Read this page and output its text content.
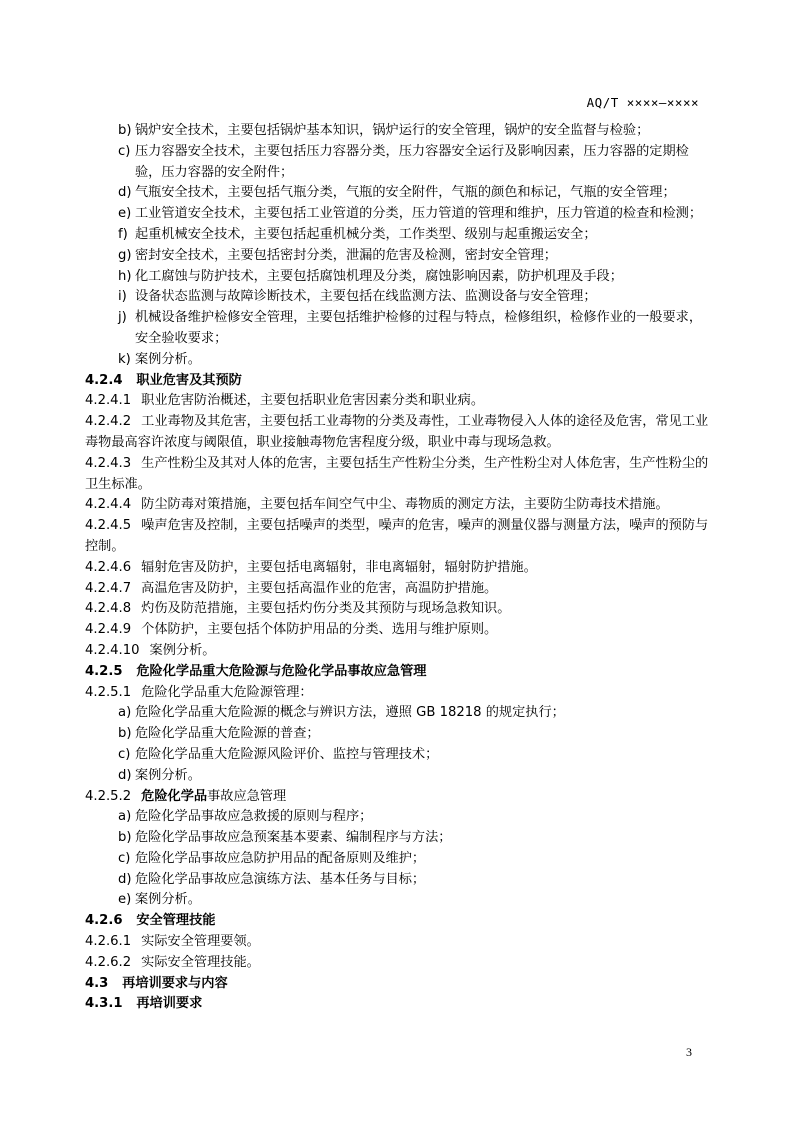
AQ/T ××××—××××
b) 锅炉安全技术，主要包括锅炉基本知识，锅炉运行的安全管理，锅炉的安全监督与检验；
c) 压力容器安全技术，主要包括压力容器分类，压力容器安全运行及影响因素，压力容器的定期检验，压力容器的安全附件；
d) 气瓶安全技术，主要包括气瓶分类，气瓶的安全附件，气瓶的颜色和标记，气瓶的安全管理；
e) 工业管道安全技术，主要包括工业管道的分类，压力管道的管理和维护，压力管道的检查和检测；
f) 起重机械安全技术，主要包括起重机械分类，工作类型、级别与起重搬运安全；
g) 密封安全技术，主要包括密封分类，泄漏的危害及检测，密封安全管理；
h) 化工腐蚀与防护技术，主要包括腐蚀机理及分类，腐蚀影响因素，防护机理及手段；
i) 设备状态监测与故障诊断技术，主要包括在线监测方法、监测设备与安全管理；
j) 机械设备维护检修安全管理，主要包括维护检修的过程与特点，检修组织，检修作业的一般要求，安全验收要求；
k) 案例分析。
4.2.4 职业危害及其预防
4.2.4.1 职业危害防治概述，主要包括职业危害因素分类和职业病。
4.2.4.2 工业毒物及其危害，主要包括工业毒物的分类及毒性，工业毒物侵入人体的途径及危害，常见工业毒物最高容许浓度与阈限值，职业接触毒物危害程度分级，职业中毒与现场急救。
4.2.4.3 生产性粉尘及其对人体的危害，主要包括生产性粉尘分类，生产性粉尘对人体危害，生产性粉尘的卫生标准。
4.2.4.4 防尘防毒对策措施，主要包括车间空气中尘、毒物质的测定方法，主要防尘防毒技术措施。
4.2.4.5 噪声危害及控制，主要包括噪声的类型，噪声的危害，噪声的测量仪器与测量方法，噪声的预防与控制。
4.2.4.6 辐射危害及防护，主要包括电离辐射，非电离辐射，辐射防护措施。
4.2.4.7 高温危害及防护，主要包括高温作业的危害，高温防护措施。
4.2.4.8 灼伤及防范措施，主要包括灼伤分类及其预防与现场急救知识。
4.2.4.9 个体防护，主要包括个体防护用品的分类、选用与维护原则。
4.2.4.10 案例分析。
4.2.5 危险化学品重大危险源与危险化学品事故应急管理
4.2.5.1 危险化学品重大危险源管理：
a) 危险化学品重大危险源的概念与辨识方法，遵照 GB 18218 的规定执行；
b) 危险化学品重大危险源的普查；
c) 危险化学品重大危险源风险评价、监控与管理技术；
d) 案例分析。
4.2.5.2 危险化学品事故应急管理
a) 危险化学品事故应急救援的原则与程序；
b) 危险化学品事故应急预案基本要素、编制程序与方法；
c) 危险化学品事故应急防护用品的配备原则及维护；
d) 危险化学品事故应急演练方法、基本任务与目标；
e) 案例分析。
4.2.6 安全管理技能
4.2.6.1 实际安全管理要领。
4.2.6.2 实际安全管理技能。
4.3 再培训要求与内容
4.3.1 再培训要求
3
